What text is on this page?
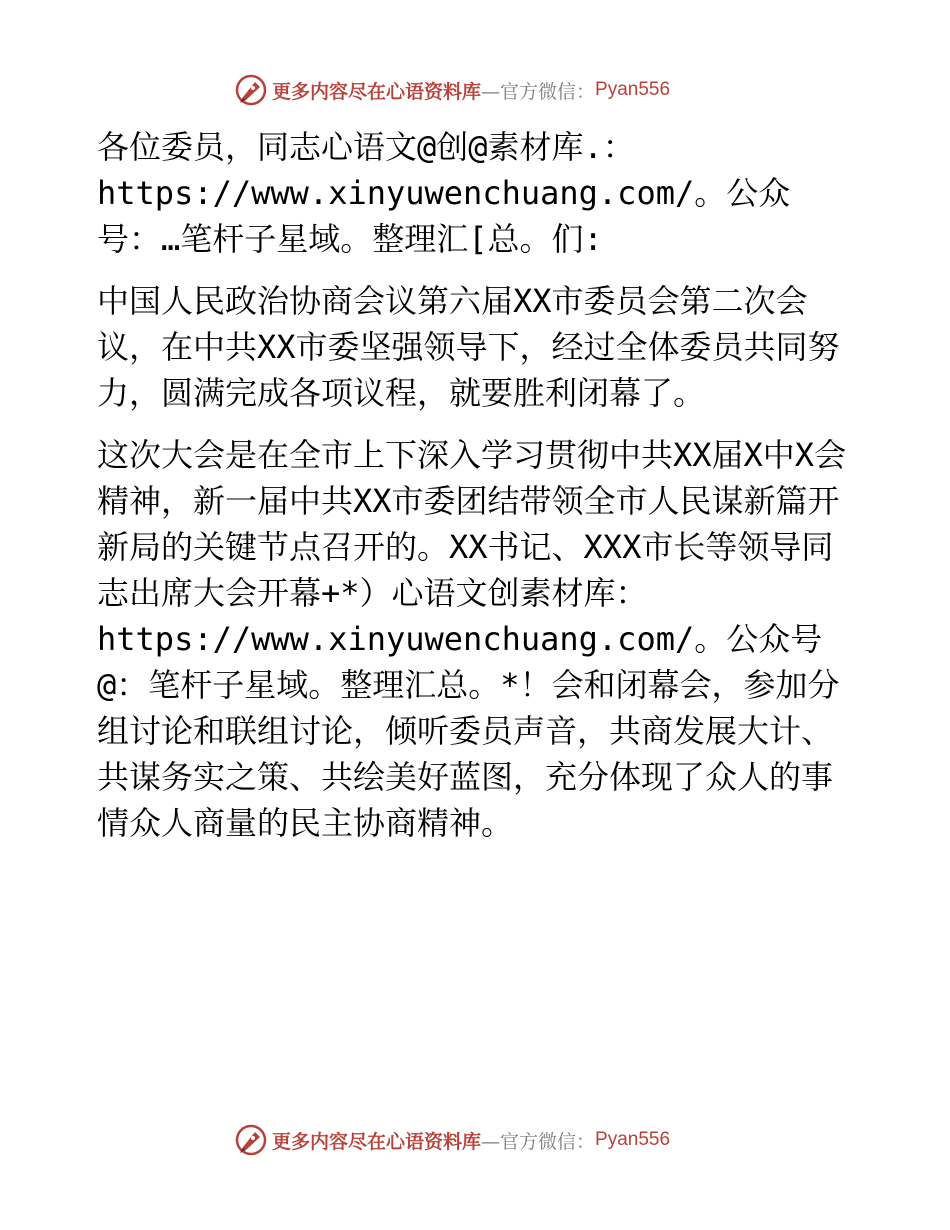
更多内容尽在心语资料库 —官方微信： Pyan556

各位委员，同志心语文@创@素材库.：https://www.xinyuwenchuang.com/。公众号：…笔杆子星域。整理汇[总。们:

中国人民政治协商会议第六届XX市委员会第二次会议，在中共XX市委坚强领导下，经过全体委员共同努力，圆满完成各项议程，就要胜利闭幕了。

这次大会是在全市上下深入学习贯彻中共XX届X中X会精神，新一届中共XX市委团结带领全市人民谋新篇开新局的关键节点召开的。XX书记、XXX市长等领导同志出席大会开幕+*）心语文创素材库：https://www.xinyuwenchuang.com/。公众号@：笔杆子星域。整理汇总。*！会和闭幕会，参加分组讨论和联组讨论，倾听委员声音，共商发展大计、共谋务实之策、共绘美好蓝图，充分体现了众人的事情众人商量的民主协商精神。

更多内容尽在心语资料库 —官方微信： Pyan556
